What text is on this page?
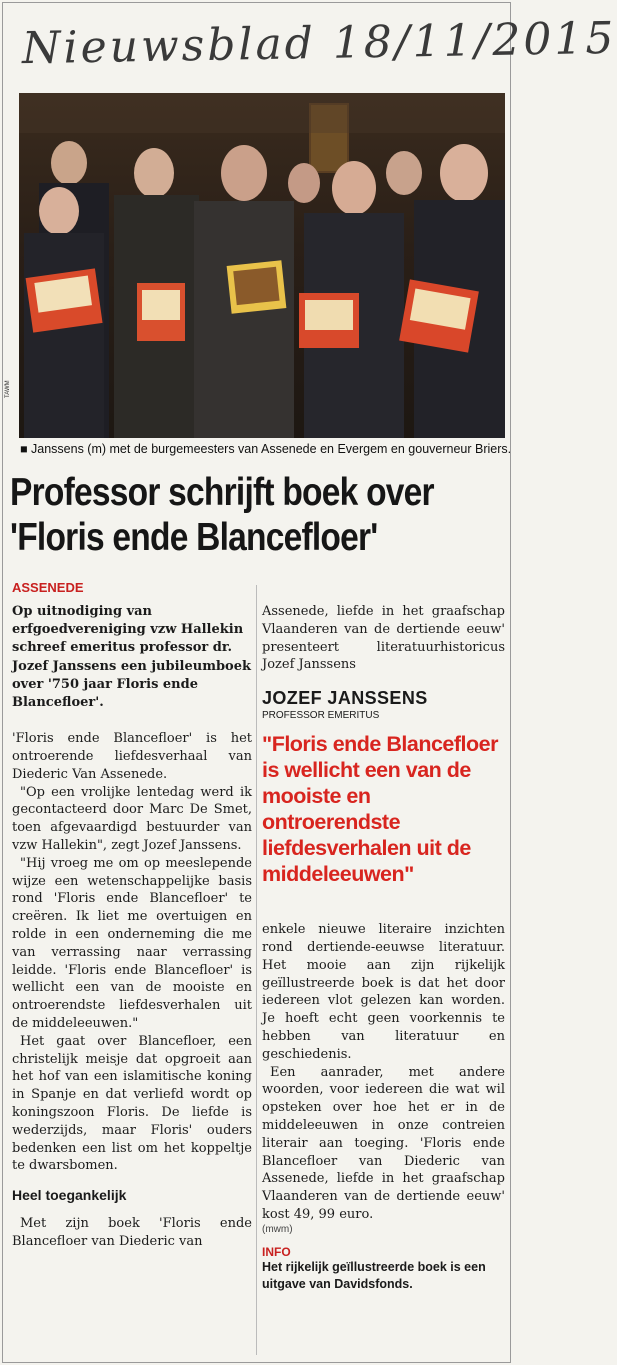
Nieuwsblad 18/11/2015
TAWM
■ Janssens (m) met de burgemeesters van Assenede en Evergem en gouverneur Briers.
Professor schrijft boek over
'Floris ende Blancefloer'
ASSENEDE
Op uitnodiging van erfgoedvereniging vzw Hallekin schreef emeritus professor dr. Jozef Janssens een jubileumboek over '750 jaar Floris ende Blancefloer'.
'Floris ende Blancefloer' is het ontroerende liefdesverhaal van Diederic Van Assenede.
"Op een vrolijke lentedag werd ik gecontacteerd door Marc De Smet, toen afgevaardigd bestuurder van vzw Hallekin", zegt Jozef Janssens.
"Hij vroeg me om op meeslepende wijze een wetenschappelijke basis rond 'Floris ende Blancefloer' te creëren. Ik liet me overtuigen en rolde in een onderneming die me van verrassing naar verrassing leidde. 'Floris ende Blancefloer' is wellicht een van de mooiste en ontroerendste liefdesverhalen uit de middeleeuwen."
Het gaat over Blancefloer, een christelijk meisje dat opgroeit aan het hof van een islamitische koning in Spanje en dat verliefd wordt op koningszoon Floris. De liefde is wederzijds, maar Floris' ouders bedenken een list om het koppeltje te dwarsbomen.
Heel toegankelijk
Met zijn boek 'Floris ende Blancefloer van Diederic van
Assenede, liefde in het graafschap Vlaanderen van de dertiende eeuw' presenteert literatuurhistoricus Jozef Janssens
JOZEF JANSSENS
PROFESSOR EMERITUS
"Floris ende Blancefloer is wellicht een van de mooiste en ontroerendste liefdesverhalen uit de middeleeuwen"
enkele nieuwe literaire inzichten rond dertiende-eeuwse literatuur. Het mooie aan zijn rijkelijk geïllustreerde boek is dat het door iedereen vlot gelezen kan worden. Je hoeft echt geen voorkennis te hebben van literatuur en geschiedenis.
Een aanrader, met andere woorden, voor iedereen die wat wil opsteken over hoe het er in de middeleeuwen in onze contreien literair aan toeging. 'Floris ende Blancefloer van Diederic van Assenede, liefde in het graafschap Vlaanderen van de dertiende eeuw' kost 49, 99 euro.
(mwm)
INFO
Het rijkelijk geïllustreerde boek is een uitgave van Davidsfonds.
